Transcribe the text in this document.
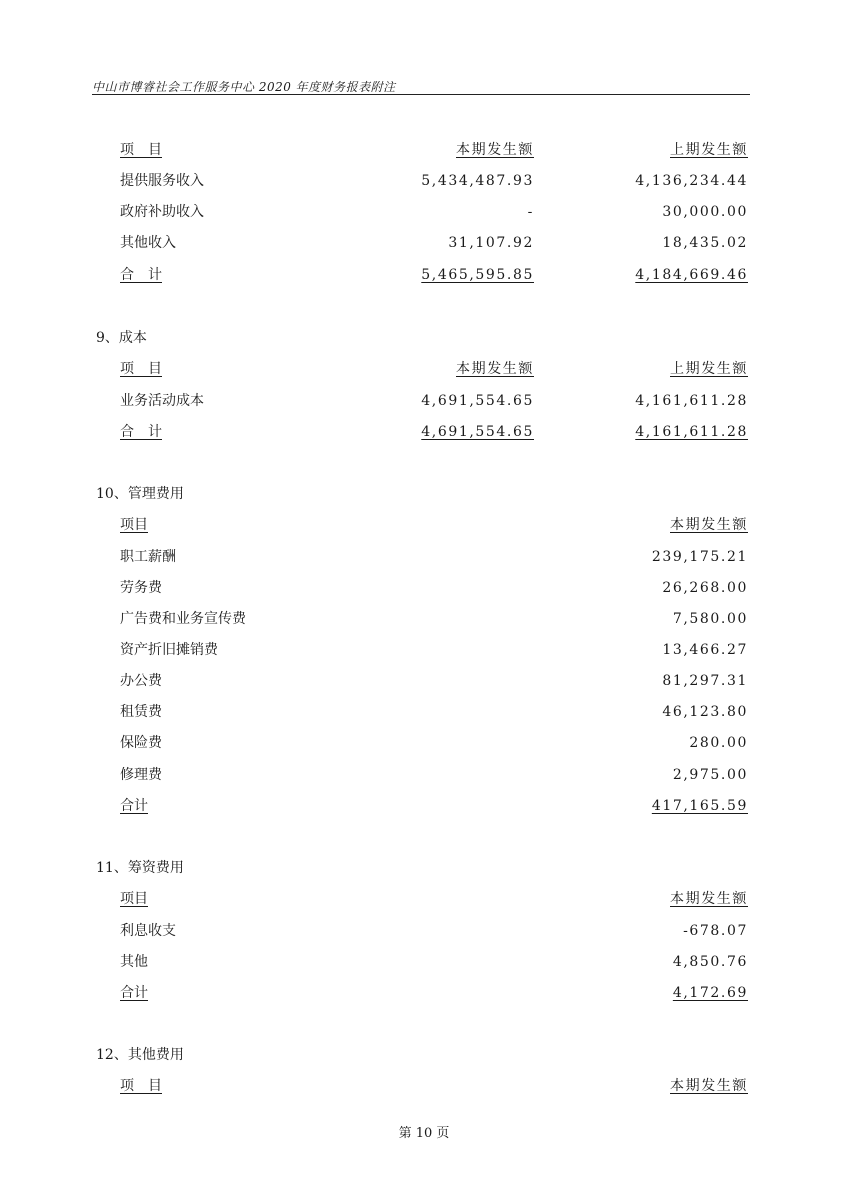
中山市博睿社会工作服务中心 2020 年度财务报表附注
项　目	本期发生额	上期发生额
提供服务收入	5,434,487.93	4,136,234.44
政府补助收入	-	30,000.00
其他收入	31,107.92	18,435.02
合　计	5,465,595.85	4,184,669.46
9、成本
项　目	本期发生额	上期发生额
业务活动成本	4,691,554.65	4,161,611.28
合　计	4,691,554.65	4,161,611.28
10、管理费用
项目	本期发生额
职工薪酬	239,175.21
劳务费	26,268.00
广告费和业务宣传费	7,580.00
资产折旧摊销费	13,466.27
办公费	81,297.31
租赁费	46,123.80
保险费	280.00
修理费	2,975.00
合计	417,165.59
11、筹资费用
项目	本期发生额
利息收支	-678.07
其他	4,850.76
合计	4,172.69
12、其他费用
项　目	本期发生额
第 10 页
